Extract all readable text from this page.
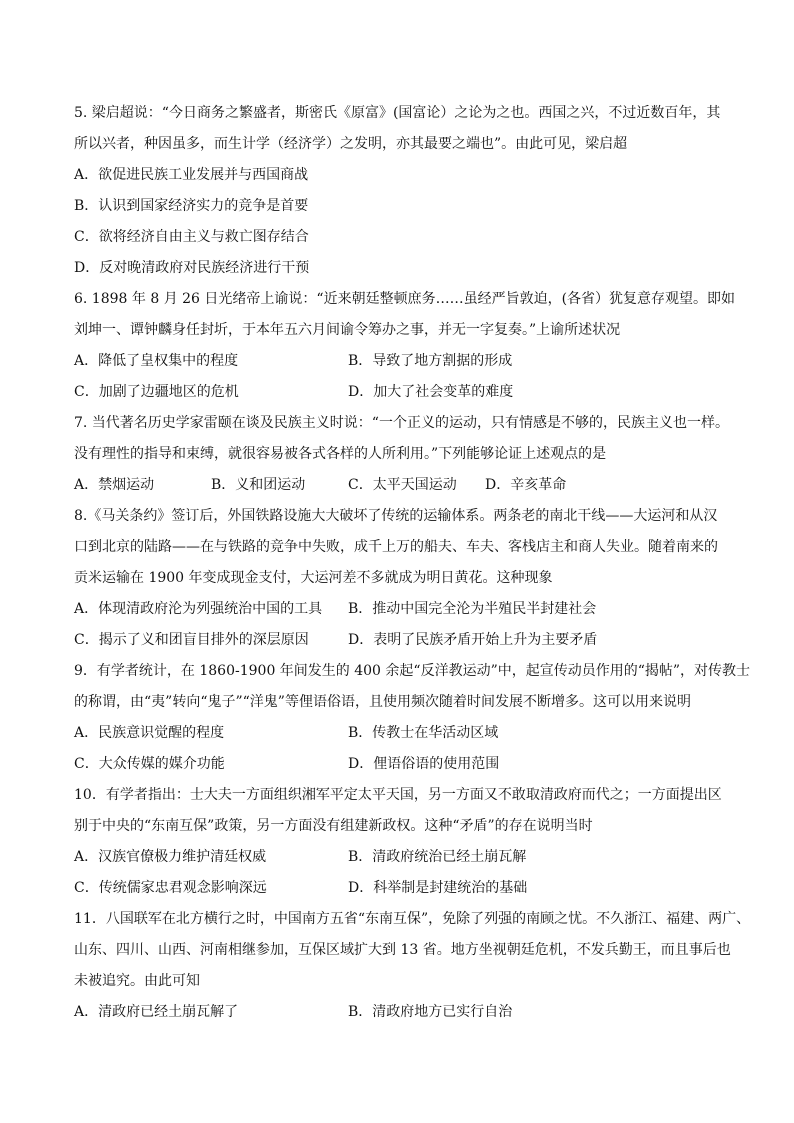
5. 梁启超说：“今日商务之繁盛者，斯密氏《原富》(国富论）之论为之也。西国之兴，不过近数百年，其
所以兴者，种因虽多，而生计学（经济学）之发明，亦其最要之端也”。由此可见，梁启超
A．欲促进民族工业发展并与西国商战
B．认识到国家经济实力的竞争是首要
C．欲将经济自由主义与救亡图存结合
D．反对晚清政府对民族经济进行干预
6. 1898 年 8 月 26 日光绪帝上谕说：“近来朝廷整顿庶务……虽经严旨敦迫，(各省）犹复意存观望。即如
刘坤一、谭钟麟身任封圻，于本年五六月间谕令筹办之事，并无一字复奏。”上谕所述状况
A．降低了皇权集中的程度	B．导致了地方割据的形成
C．加剧了边疆地区的危机	D．加大了社会变革的难度
7. 当代著名历史学家雷颐在谈及民族主义时说：“一个正义的运动，只有情感是不够的，民族主义也一样。
没有理性的指导和束缚，就很容易被各式各样的人所利用。”下列能够论证上述观点的是
A．禁烟运动	B．义和团运动	C．太平天国运动 D．辛亥革命
8.《马关条约》签订后，外国铁路设施大大破坏了传统的运输体系。两条老的南北干线——大运河和从汉
口到北京的陆路——在与铁路的竞争中失败，成千上万的船夫、车夫、客栈店主和商人失业。随着南来的
贡米运输在 1900 年变成现金支付，大运河差不多就成为明日黄花。这种现象
A．体现清政府沦为列强统治中国的工具 B．推动中国完全沦为半殖民半封建社会
C．揭示了义和团盲目排外的深层原因	D．表明了民族矛盾开始上升为主要矛盾
9．有学者统计，在 1860-1900 年间发生的 400 余起“反洋教运动”中，起宣传动员作用的“揭帖”，对传教士
的称谓，由“夷”转向“鬼子”“洋鬼”等俚语俗语，且使用频次随着时间发展不断增多。这可以用来说明
A．民族意识觉醒的程度	B．传教士在华活动区域
C．大众传媒的媒介功能	D．俚语俗语的使用范围
10．有学者指出：士大夫一方面组织湘军平定太平天国，另一方面又不敢取清政府而代之；一方面提出区
别于中央的“东南互保”政策，另一方面没有组建新政权。这种“矛盾”的存在说明当时
A．汉族官僚极力维护清廷权威	B．清政府统治已经土崩瓦解
C．传统儒家忠君观念影响深远	D．科举制是封建统治的基础
11．八国联军在北方横行之时，中国南方五省“东南互保”，免除了列强的南顾之忧。不久浙江、福建、两广、
山东、四川、山西、河南相继参加，互保区域扩大到 13 省。地方坐视朝廷危机，不发兵勤王，而且事后也
未被追究。由此可知
A．清政府已经土崩瓦解了	B．清政府地方已实行自治
